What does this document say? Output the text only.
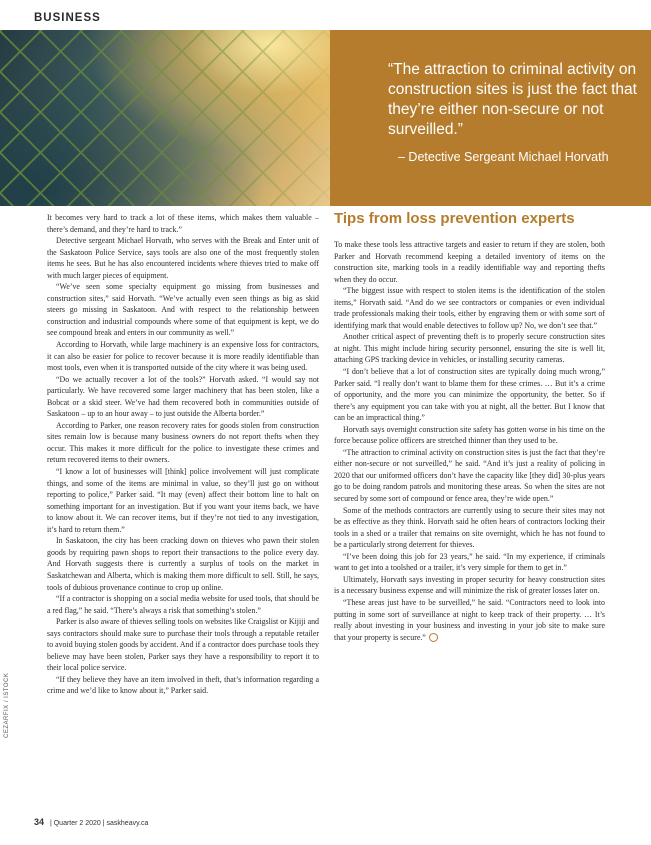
BUSINESS
“The attraction to criminal activity on construction sites is just the fact that they’re either non-secure or not surveilled.”
– Detective Sergeant Michael Horvath

It becomes very hard to track a lot of these items, which makes them valuable – there’s demand, and they’re hard to track.”

Detective sergeant Michael Horvath, who serves with the Break and Enter unit of the Saskatoon Police Service, says tools are also one of the most frequently stolen items he sees. But he has also encountered incidents where thieves tried to make off with much larger pieces of equipment.

“We’ve seen some specialty equipment go missing from businesses and construction sites,” said Horvath. “We’ve actually even seen things as big as skid steers go missing in Saskatoon. And with respect to the relationship between construction and industrial compounds where some of that equipment is kept, we do see compound break and enters in our community as well.”

According to Horvath, while large machinery is an expensive loss for contractors, it can also be easier for police to recover because it is more readily identifiable than most tools, even when it is transported outside of the city where it was being used.

“Do we actually recover a lot of the tools?” Horvath asked. “I would say not particularly. We have recovered some larger machinery that has been stolen, like a Bobcat or a skid steer. We’ve had them recovered both in communities outside of Saskatoon – up to an hour away – to just outside the Alberta border.”

According to Parker, one reason recovery rates for goods stolen from construction sites remain low is because many business owners do not report thefts when they occur. This makes it more difficult for the police to investigate these crimes and return recovered items to their owners.

“I know a lot of businesses will [think] police involvement will just complicate things, and some of the items are minimal in value, so they’ll just go on without reporting to police,” Parker said. “It may (even) affect their bottom line to halt on something important for an investigation. But if you want your items back, we have to know about it. We can recover items, but if they’re not tied to any investigation, it’s hard to return them.”

In Saskatoon, the city has been cracking down on thieves who pawn their stolen goods by requiring pawn shops to report their transactions to the police every day. And Horvath suggests there is currently a surplus of tools on the market in Saskatchewan and Alberta, which is making them more difficult to sell. Still, he says, tools of dubious provenance continue to crop up online.

“If a contractor is shopping on a social media website for used tools, that should be a red flag,” he said. “There’s always a risk that something’s stolen.”

Parker is also aware of thieves selling tools on websites like Craigslist or Kijiji and says contractors should make sure to purchase their tools through a reputable retailer to avoid buying stolen goods by accident. And if a contractor does purchase tools they believe may have been stolen, Parker says they have a responsibility to report it to their local police service.

“If they believe they have an item involved in theft, that’s information regarding a crime and we’d like to know about it,” Parker said.

Tips from loss prevention experts

To make these tools less attractive targets and easier to return if they are stolen, both Parker and Horvath recommend keeping a detailed inventory of items on the construction site, marking tools in a readily identifiable way and reporting thefts when they do occur.

“The biggest issue with respect to stolen items is the identification of the stolen items,” Horvath said. “And do we see contractors or companies or even individual trade professionals making their tools, either by engraving them or with some sort of identifying mark that would enable detectives to follow up? No, we don’t see that.”

Another critical aspect of preventing theft is to properly secure construction sites at night. This might include hiring security personnel, ensuring the site is well lit, attaching GPS tracking device in vehicles, or installing security cameras.

“I don’t believe that a lot of construction sites are typically doing much wrong,” Parker said. “I really don’t want to blame them for these crimes. … But it’s a crime of opportunity, and the more you can minimize the opportunity, the better. So if there’s any equipment you can take with you at night, all the better. But I know that can be an impractical thing.”

Horvath says overnight construction site safety has gotten worse in his time on the force because police officers are stretched thinner than they used to be.

“The attraction to criminal activity on construction sites is just the fact that they’re either non-secure or not surveilled,” he said. “And it’s just a reality of policing in 2020 that our uniformed officers don’t have the capacity like [they did] 30-plus years go to be doing random patrols and monitoring these areas. So when the sites are not secured by some sort of compound or fence area, they’re wide open.”

Some of the methods contractors are currently using to secure their sites may not be as effective as they think. Horvath said he often hears of contractors locking their tools in a shed or a trailer that remains on site overnight, which he has not found to be a particularly strong deterrent for thieves.

“I’ve been doing this job for 23 years,” he said. “In my experience, if criminals want to get into a toolshed or a trailer, it’s very simple for them to get in.”

Ultimately, Horvath says investing in proper security for heavy construction sites is a necessary business expense and will minimize the risk of greater losses later on.

“These areas just have to be surveilled,” he said. “Contractors need to look into putting in some sort of surveillance at night to keep track of their property. … It’s really about investing in your business and investing in your job site to make sure that your property is secure.”

CEZARFIX / ISTOCK
34 | Quarter 2 2020 | saskheavy.ca
